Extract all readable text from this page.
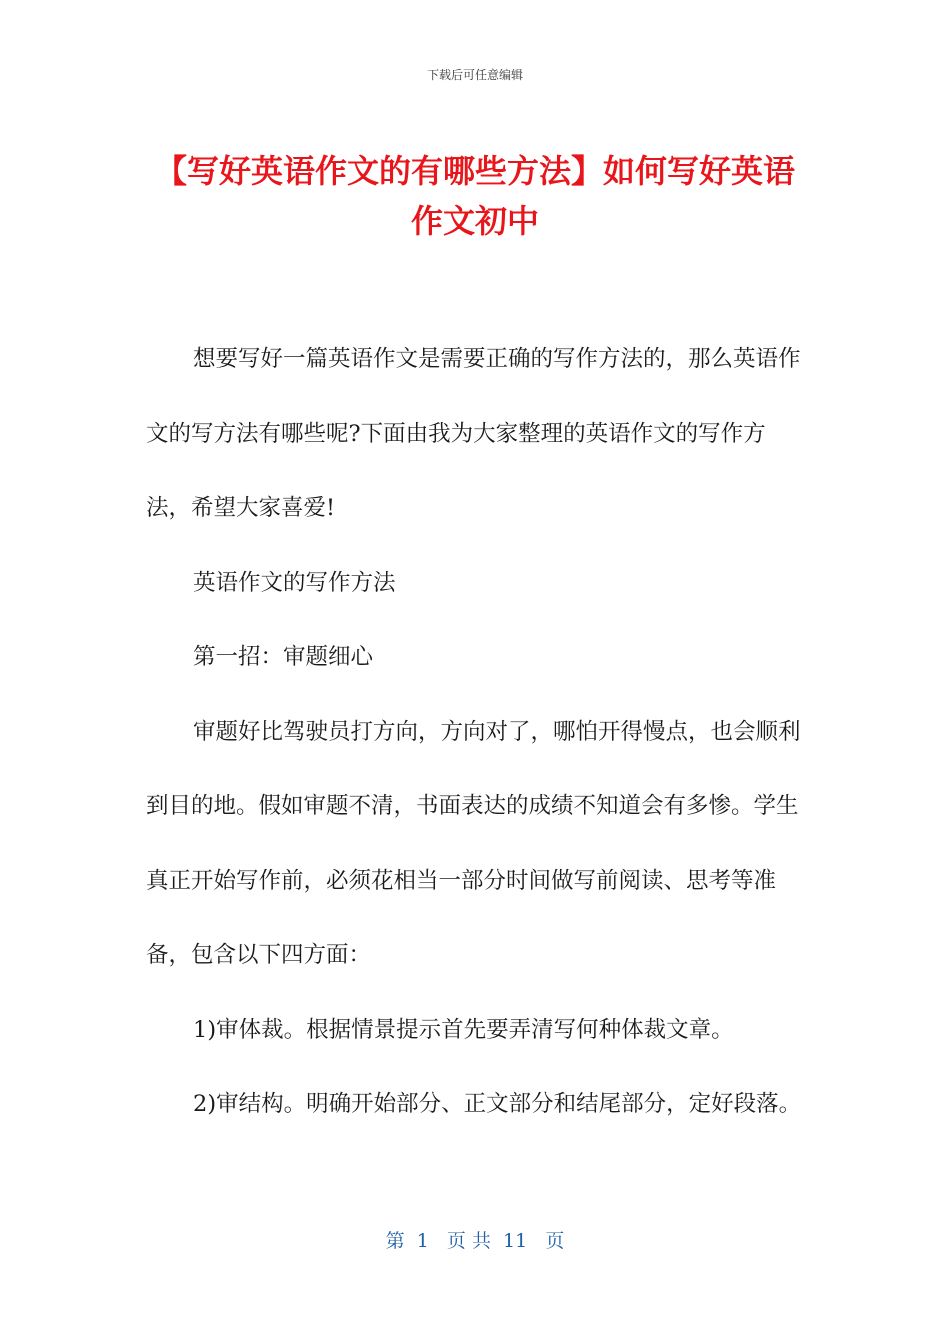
下载后可任意编辑
【写好英语作文的有哪些方法】如何写好英语作文初中

想要写好一篇英语作文是需要正确的写作方法的，那么英语作文的写方法有哪些呢?下面由我为大家整理的英语作文的写作方法，希望大家喜爱!

英语作文的写作方法

第一招：审题细心

审题好比驾驶员打方向，方向对了，哪怕开得慢点，也会顺利到目的地。假如审题不清，书面表达的成绩不知道会有多惨。学生真正开始写作前，必须花相当一部分时间做写前阅读、思考等准备，包含以下四方面：

1)审体裁。根据情景提示首先要弄清写何种体裁文章。

2)审结构。明确开始部分、正文部分和结尾部分，定好段落。

第  1   页 共  11   页
